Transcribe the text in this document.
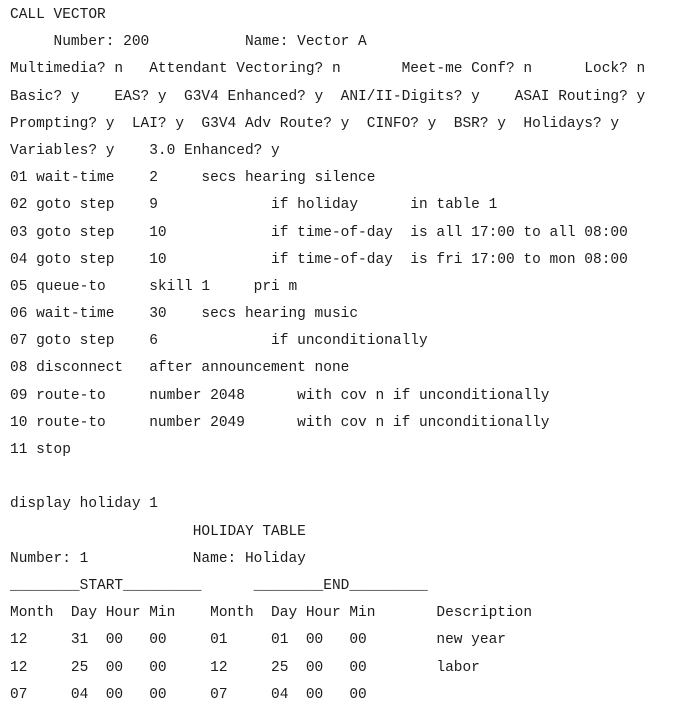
CALL VECTOR
Number: 200           Name: Vector A
Multimedia? n   Attendant Vectoring? n       Meet-me Conf? n      Lock? n
Basic? y    EAS? y  G3V4 Enhanced? y  ANI/II-Digits? y    ASAI Routing? y
Prompting? y  LAI? y  G3V4 Adv Route? y  CINFO? y  BSR? y  Holidays? y
Variables? y    3.0 Enhanced? y
01 wait-time    2     secs hearing silence
02 goto step    9             if holiday      in table 1
03 goto step    10            if time-of-day  is all 17:00 to all 08:00
04 goto step    10            if time-of-day  is fri 17:00 to mon 08:00
05 queue-to     skill 1     pri m
06 wait-time    30    secs hearing music
07 goto step    6             if unconditionally
08 disconnect   after announcement none
09 route-to     number 2048      with cov n if unconditionally
10 route-to     number 2049      with cov n if unconditionally
11 stop
display holiday 1
HOLIDAY TABLE
Number: 1            Name: Holiday
________START_________      ________END_________
Month  Day Hour Min    Month  Day Hour Min       Description
12     31  00   00     01     01  00   00        new year
12     25  00   00     12     25  00   00        labor
07     04  00   00     07     04  00   00
